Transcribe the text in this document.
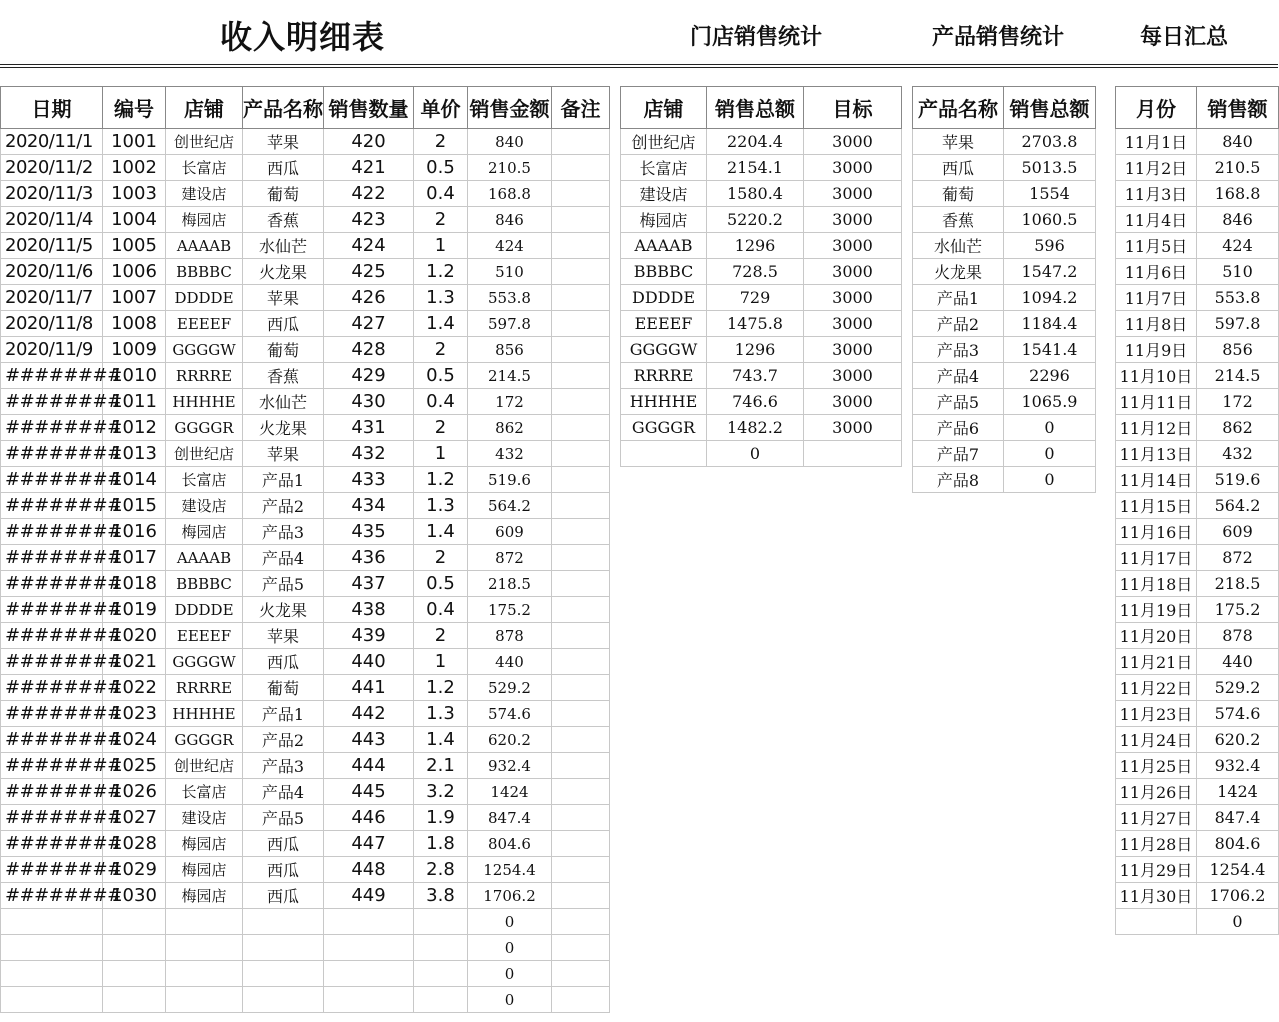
收入明细表	门店销售统计	产品销售统计	每日汇总
日期	编号	店铺	产品名称	销售数量	单价	销售金额	备注
2020/11/1	1001	创世纪店	苹果	420	2	840	
2020/11/2	1002	长富店	西瓜	421	0.5	210.5	
2020/11/3	1003	建设店	葡萄	422	0.4	168.8	
2020/11/4	1004	梅园店	香蕉	423	2	846	
2020/11/5	1005	AAAAB	水仙芒	424	1	424	
2020/11/6	1006	BBBBC	火龙果	425	1.2	510	
2020/11/7	1007	DDDDE	苹果	426	1.3	553.8	
2020/11/8	1008	EEEEF	西瓜	427	1.4	597.8	
2020/11/9	1009	GGGGW	葡萄	428	2	856	
########	1010	RRRRE	香蕉	429	0.5	214.5	
########	1011	HHHHE	水仙芒	430	0.4	172	
########	1012	GGGGR	火龙果	431	2	862	
########	1013	创世纪店	苹果	432	1	432	
########	1014	长富店	产品1	433	1.2	519.6	
########	1015	建设店	产品2	434	1.3	564.2	
########	1016	梅园店	产品3	435	1.4	609	
########	1017	AAAAB	产品4	436	2	872	
########	1018	BBBBC	产品5	437	0.5	218.5	
########	1019	DDDDE	火龙果	438	0.4	175.2	
########	1020	EEEEF	苹果	439	2	878	
########	1021	GGGGW	西瓜	440	1	440	
########	1022	RRRRE	葡萄	441	1.2	529.2	
########	1023	HHHHE	产品1	442	1.3	574.6	
########	1024	GGGGR	产品2	443	1.4	620.2	
########	1025	创世纪店	产品3	444	2.1	932.4	
########	1026	长富店	产品4	445	3.2	1424	
########	1027	建设店	产品5	446	1.9	847.4	
########	1028	梅园店	西瓜	447	1.8	804.6	
########	1029	梅园店	西瓜	448	2.8	1254.4	
########	1030	梅园店	西瓜	449	3.8	1706.2	
						0	
						0	
						0	
						0	
店铺	销售总额	目标
创世纪店	2204.4	3000
长富店	2154.1	3000
建设店	1580.4	3000
梅园店	5220.2	3000
AAAAB	1296	3000
BBBBC	728.5	3000
DDDDE	729	3000
EEEEF	1475.8	3000
GGGGW	1296	3000
RRRRE	743.7	3000
HHHHE	746.6	3000
GGGGR	1482.2	3000
	0	
产品名称	销售总额
苹果	2703.8
西瓜	5013.5
葡萄	1554
香蕉	1060.5
水仙芒	596
火龙果	1547.2
产品1	1094.2
产品2	1184.4
产品3	1541.4
产品4	2296
产品5	1065.9
产品6	0
产品7	0
产品8	0
月份	销售额
11月1日	840
11月2日	210.5
11月3日	168.8
11月4日	846
11月5日	424
11月6日	510
11月7日	553.8
11月8日	597.8
11月9日	856
11月10日	214.5
11月11日	172
11月12日	862
11月13日	432
11月14日	519.6
11月15日	564.2
11月16日	609
11月17日	872
11月18日	218.5
11月19日	175.2
11月20日	878
11月21日	440
11月22日	529.2
11月23日	574.6
11月24日	620.2
11月25日	932.4
11月26日	1424
11月27日	847.4
11月28日	804.6
11月29日	1254.4
11月30日	1706.2
	0
